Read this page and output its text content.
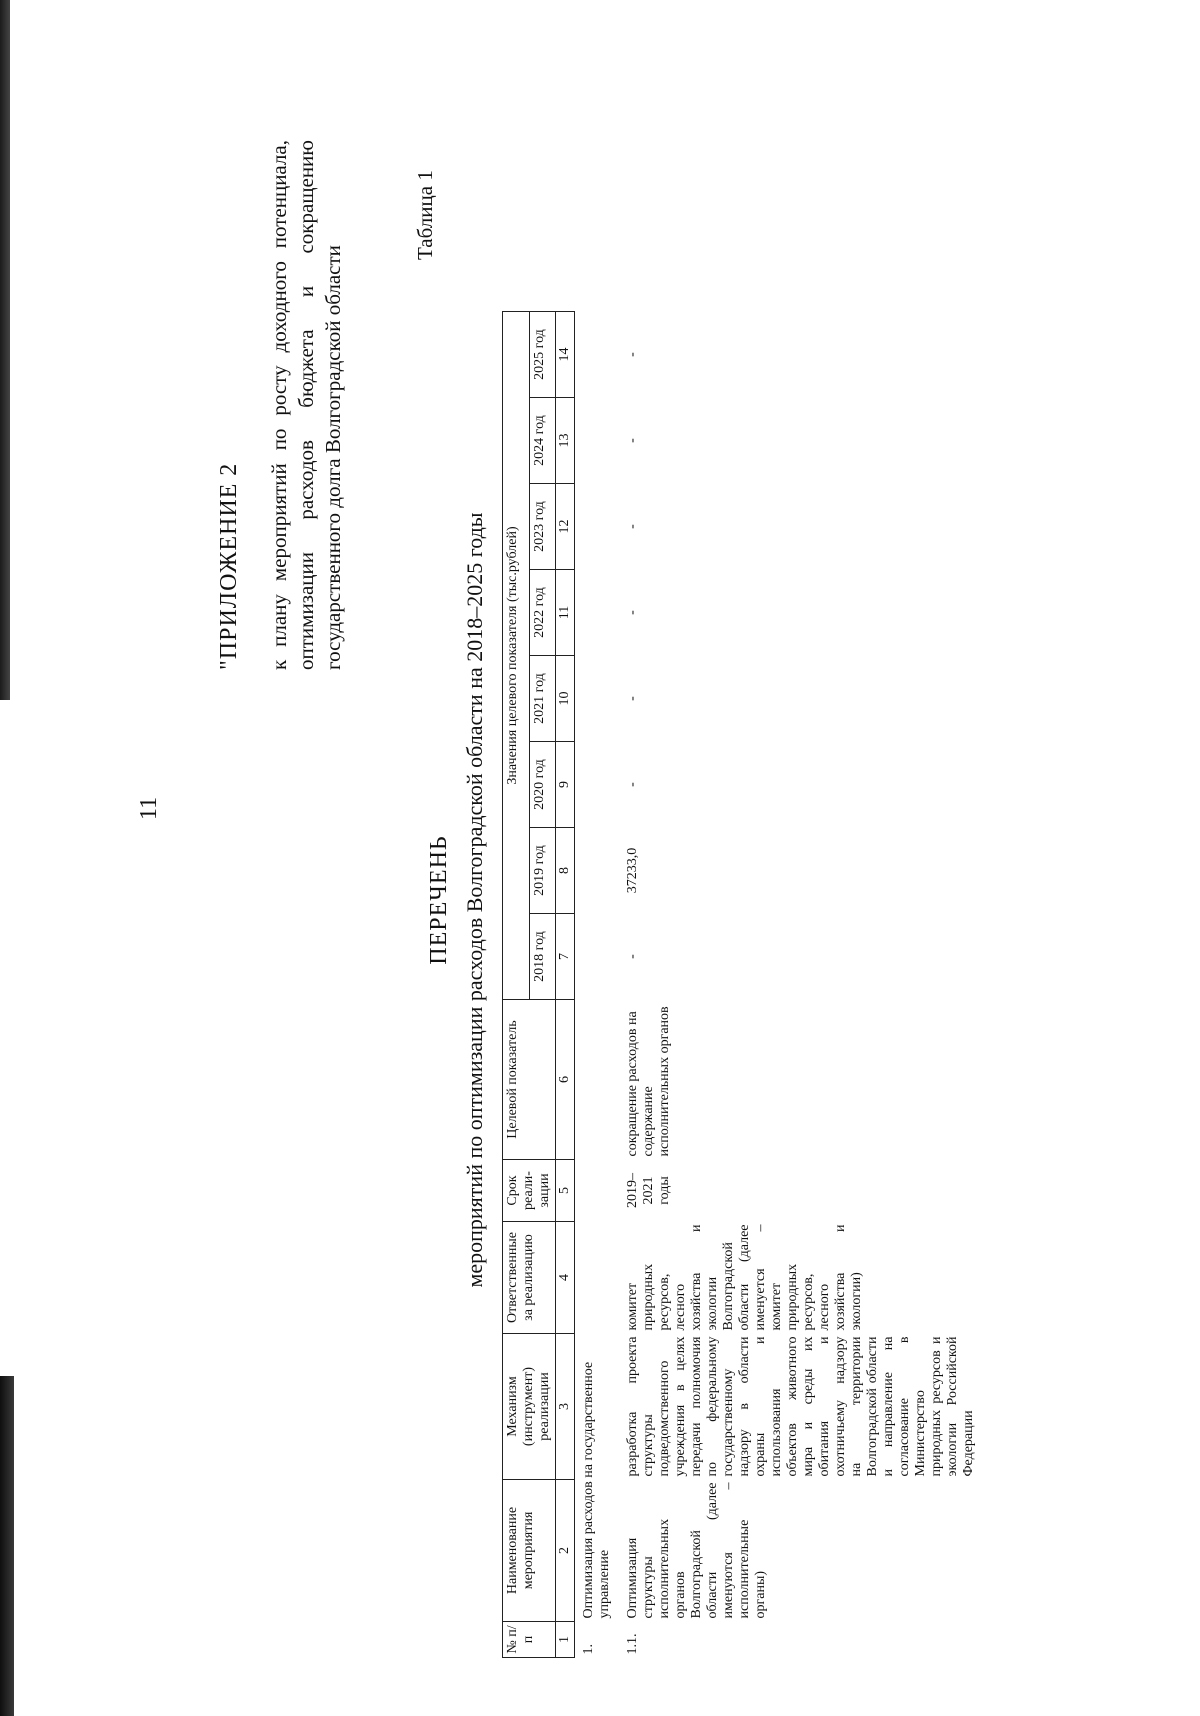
11
"ПРИЛОЖЕНИЕ 2 к плану мероприятий по росту доходного потенциала, оптимизации расходов бюджета и сокращению государственного долга Волгоградской области
Таблица 1
ПЕРЕЧЕНЬ мероприятий по оптимизации расходов Волгоградской области на 2018–2025 годы
№ п/п	Наименование мероприятия	Механизм (инструмент) реализации	Ответственные за реализацию	Срок реали-зации	Целевой показатель	Значения целевого показателя (тыс.рублей)							
						2018 год	2019 год	2020 год	2021 год	2022 год	2023 год	2024 год	2025 год
1	2	3	4	5	6	7	8	9	10	11	12	13	14
1.	Оптимизация расходов на государственное управление												
1.1.	Оптимизация структуры исполнительных органов Волгоградской области (далее именуются – исполнительные органы)	разработка проекта структуры подведомственного учреждения в целях передачи полномочия по федеральному государственному надзору в области охраны и использования объектов животного мира и среды их обитания и охотничьему надзору на территории Волгоградской области и направление на согласование в Министерство природных ресурсов и экологии Российской Федерации	комитет природных ресурсов, лесного хозяйства и экологии Волгоградской области (далее именуется – комитет природных ресурсов, лесного хозяйства и экологии)	2019–2021 годы	сокращение расходов на содержание исполнительных органов	-	37233,0	-	-	-	-	-	-
